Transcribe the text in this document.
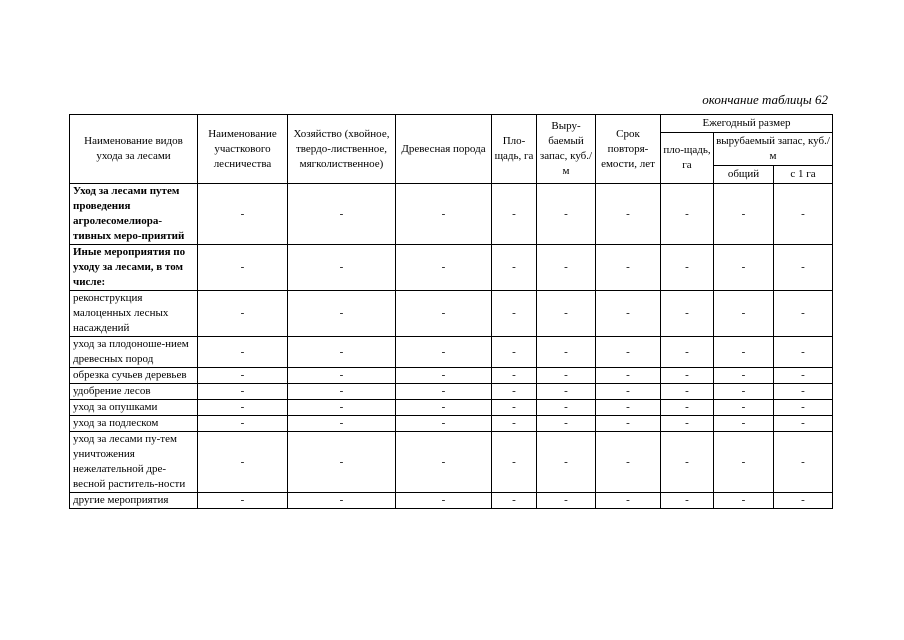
окончание таблицы 62
Наименование видов ухода за лесами	Наименование участкового лесничества	Хозяйство (хвойное, твердо-лиственное, мягколиственное)	Древесная порода	Пло-щадь, га	Выру-баемый запас, куб./м	Срок повторя-емости, лет	Ежегодный размер		
							пло-щадь, га	вырубаемый запас, куб./м	
								общий	с 1 га
Уход за лесами путем проведения агролесомелиора-тивных меро-приятий	-	-	-	-	-	-	-	-	-
Иные мероприятия по уходу за лесами, в том числе:	-	-	-	-	-	-	-	-	-
реконструкция малоценных лесных насаждений	-	-	-	-	-	-	-	-	-
уход за плодоноше-нием древесных пород	-	-	-	-	-	-	-	-	-
обрезка сучьев деревьев	-	-	-	-	-	-	-	-	-
удобрение лесов	-	-	-	-	-	-	-	-	-
уход за опушками	-	-	-	-	-	-	-	-	-
уход за подлеском	-	-	-	-	-	-	-	-	-
уход за лесами пу-тем уничтожения нежелательной дре-весной раститель-ности	-	-	-	-	-	-	-	-	-
другие мероприятия	-	-	-	-	-	-	-	-	-
